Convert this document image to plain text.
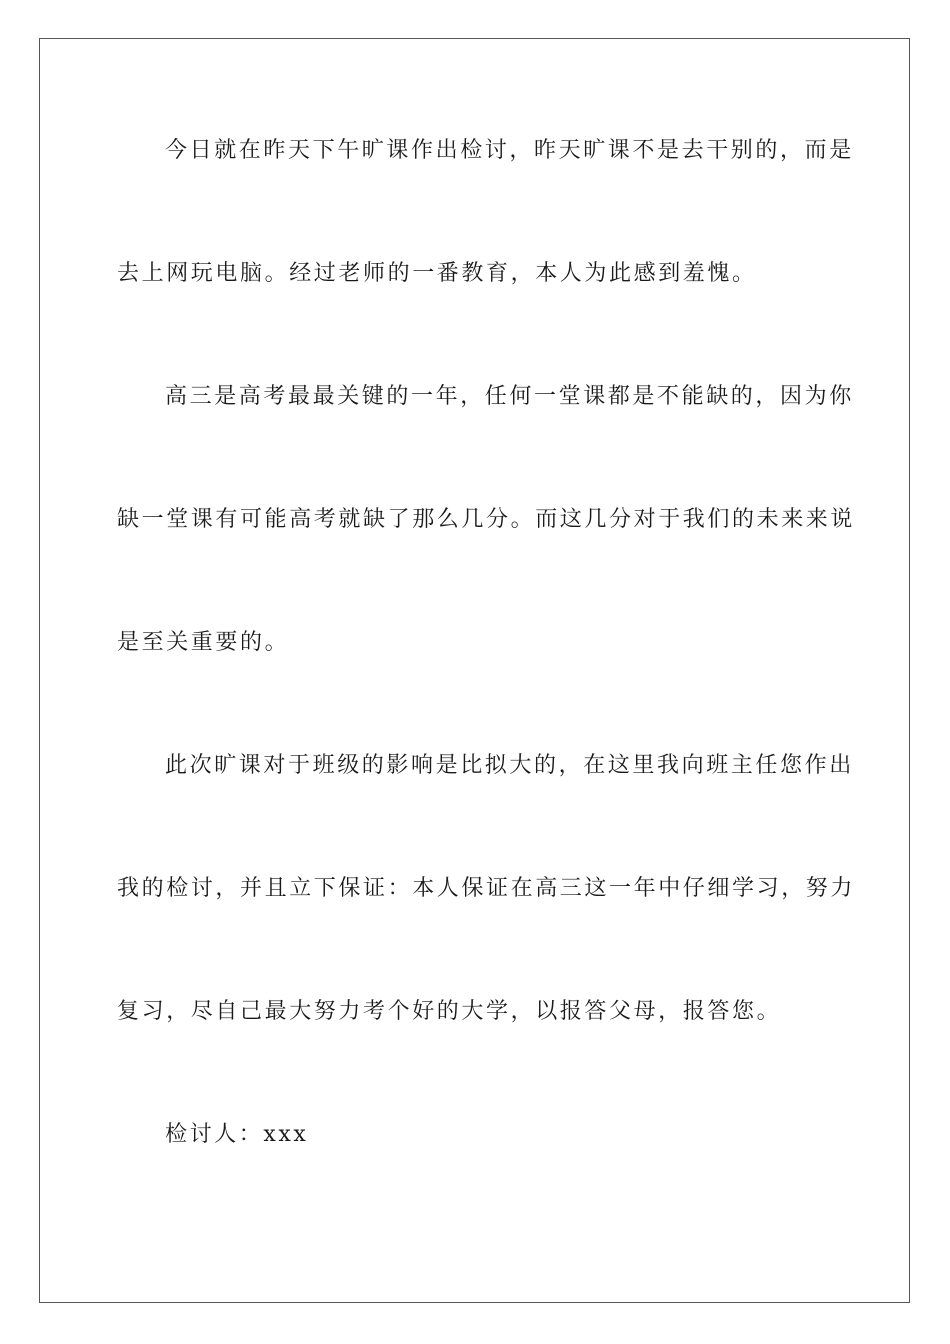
今日就在昨天下午旷课作出检讨，昨天旷课不是去干别的，而是
去上网玩电脑。经过老师的一番教育，本人为此感到羞愧。
高三是高考最最关键的一年，任何一堂课都是不能缺的，因为你
缺一堂课有可能高考就缺了那么几分。而这几分对于我们的未来来说
是至关重要的。
此次旷课对于班级的影响是比拟大的，在这里我向班主任您作出
我的检讨，并且立下保证：本人保证在高三这一年中仔细学习，努力
复习，尽自己最大努力考个好的大学，以报答父母，报答您。
检讨人：xxx
